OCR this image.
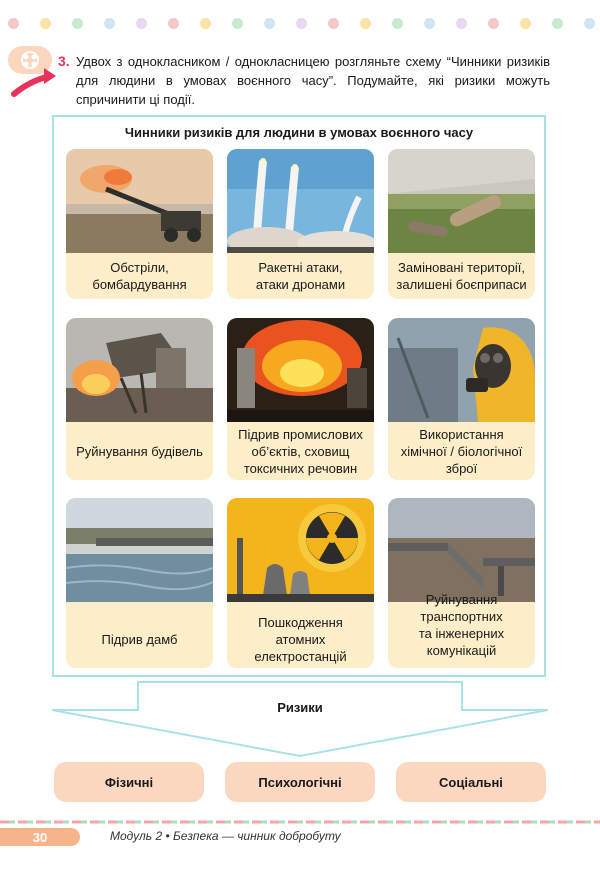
3. Удвох з однокласником / однокласницею розгляньте схему “Чинники ризиків для людини в умовах воєнного часу”. Подумайте, які ризики можуть спричинити ці події.
Чинники ризиків для людини в умовах воєнного часу
Обстріли,
бомбардування
Ракетні атаки,
атаки дронами
Заміновані території,
залишені боєприпаси
Руйнування будівель
Підрив промислових
об’єктів, сховищ
токсичних речовин
Використання
хімічної / біологічної
зброї
Підрив дамб
Пошкодження
атомних
електростанцій
Руйнування
транспортних
та інженерних
комунікацій
Ризики
Фізичні	Психологічні	Соціальні
30	Модуль 2 • Безпека — чинник добробуту
